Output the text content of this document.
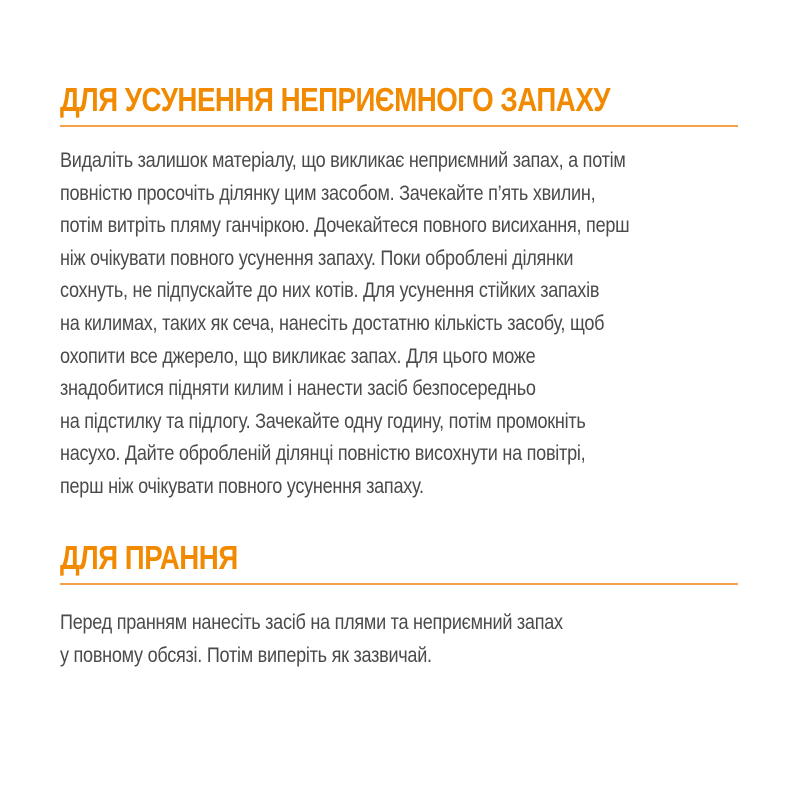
ДЛЯ УСУНЕННЯ НЕПРИЄМНОГО ЗАПАХУ

Видаліть залишок матеріалу, що викликає неприємний запах, а потім
повністю просочіть ділянку цим засобом. Зачекайте п’ять хвилин,
потім витріть пляму ганчіркою. Дочекайтеся повного висихання, перш
ніж очікувати повного усунення запаху. Поки оброблені ділянки
сохнуть, не підпускайте до них котів. Для усунення стійких запахів
на килимах, таких як сеча, нанесіть достатню кількість засобу, щоб
охопити все джерело, що викликає запах. Для цього може
знадобитися підняти килим і нанести засіб безпосередньо
на підстилку та підлогу. Зачекайте одну годину, потім промокніть
насухо. Дайте обробленій ділянці повністю висохнути на повітрі,
перш ніж очікувати повного усунення запаху.

ДЛЯ ПРАННЯ

Перед пранням нанесіть засіб на плями та неприємний запах
у повному обсязі. Потім виперіть як зазвичай.
